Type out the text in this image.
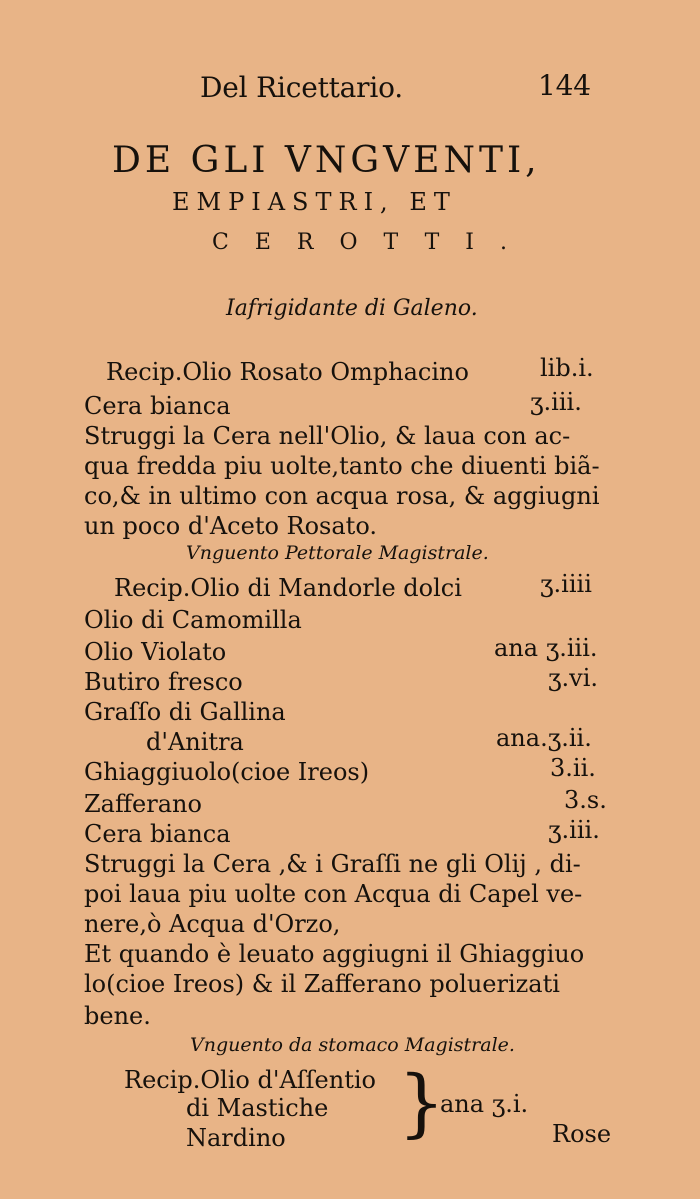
Del Ricettario.	144
DE GLI VNGVENTI,
EMPIASTRI, ET
CEROTTI.
Iafrigidante di Galeno.
Recip.Olio Rosato Omphacino	lib.i.
Cera bianca	ʒ.iii.
Struggi la Cera nell'Olio, & laua con ac-
qua fredda piu uolte,tanto che diuenti biã-
co,& in ultimo con acqua rosa, & aggiugni
un poco d'Aceto Rosato.
Vnguento Pettorale Magistrale.
Recip.Olio di Mandorle dolci	ʒ.iiii
Olio di Camomilla
Olio Violato	ana ʒ.iii.
Butiro fresco	ʒ.vi.
Graſſo di Gallina
d'Anitra	ana.ʒ.ii.
Ghiaggiuolo(cioe Ireos)	3.ii.
Zafferano	3.s.
Cera bianca	ʒ.iii.
Struggi la Cera ,& i Graſſi ne gli Olij , di-
poi laua piu uolte con Acqua di Capel ve-
nere,ò Acqua d'Orzo,
Et quando è leuato aggiugni il Ghiaggiuo
lo(cioe Ireos) & il Zafferano poluerizati
bene.
Vnguento da stomaco Magistrale.
Recip.Olio d'Aſſentio
di Mastiche
Nardino }
ana ʒ.i.
Rose
